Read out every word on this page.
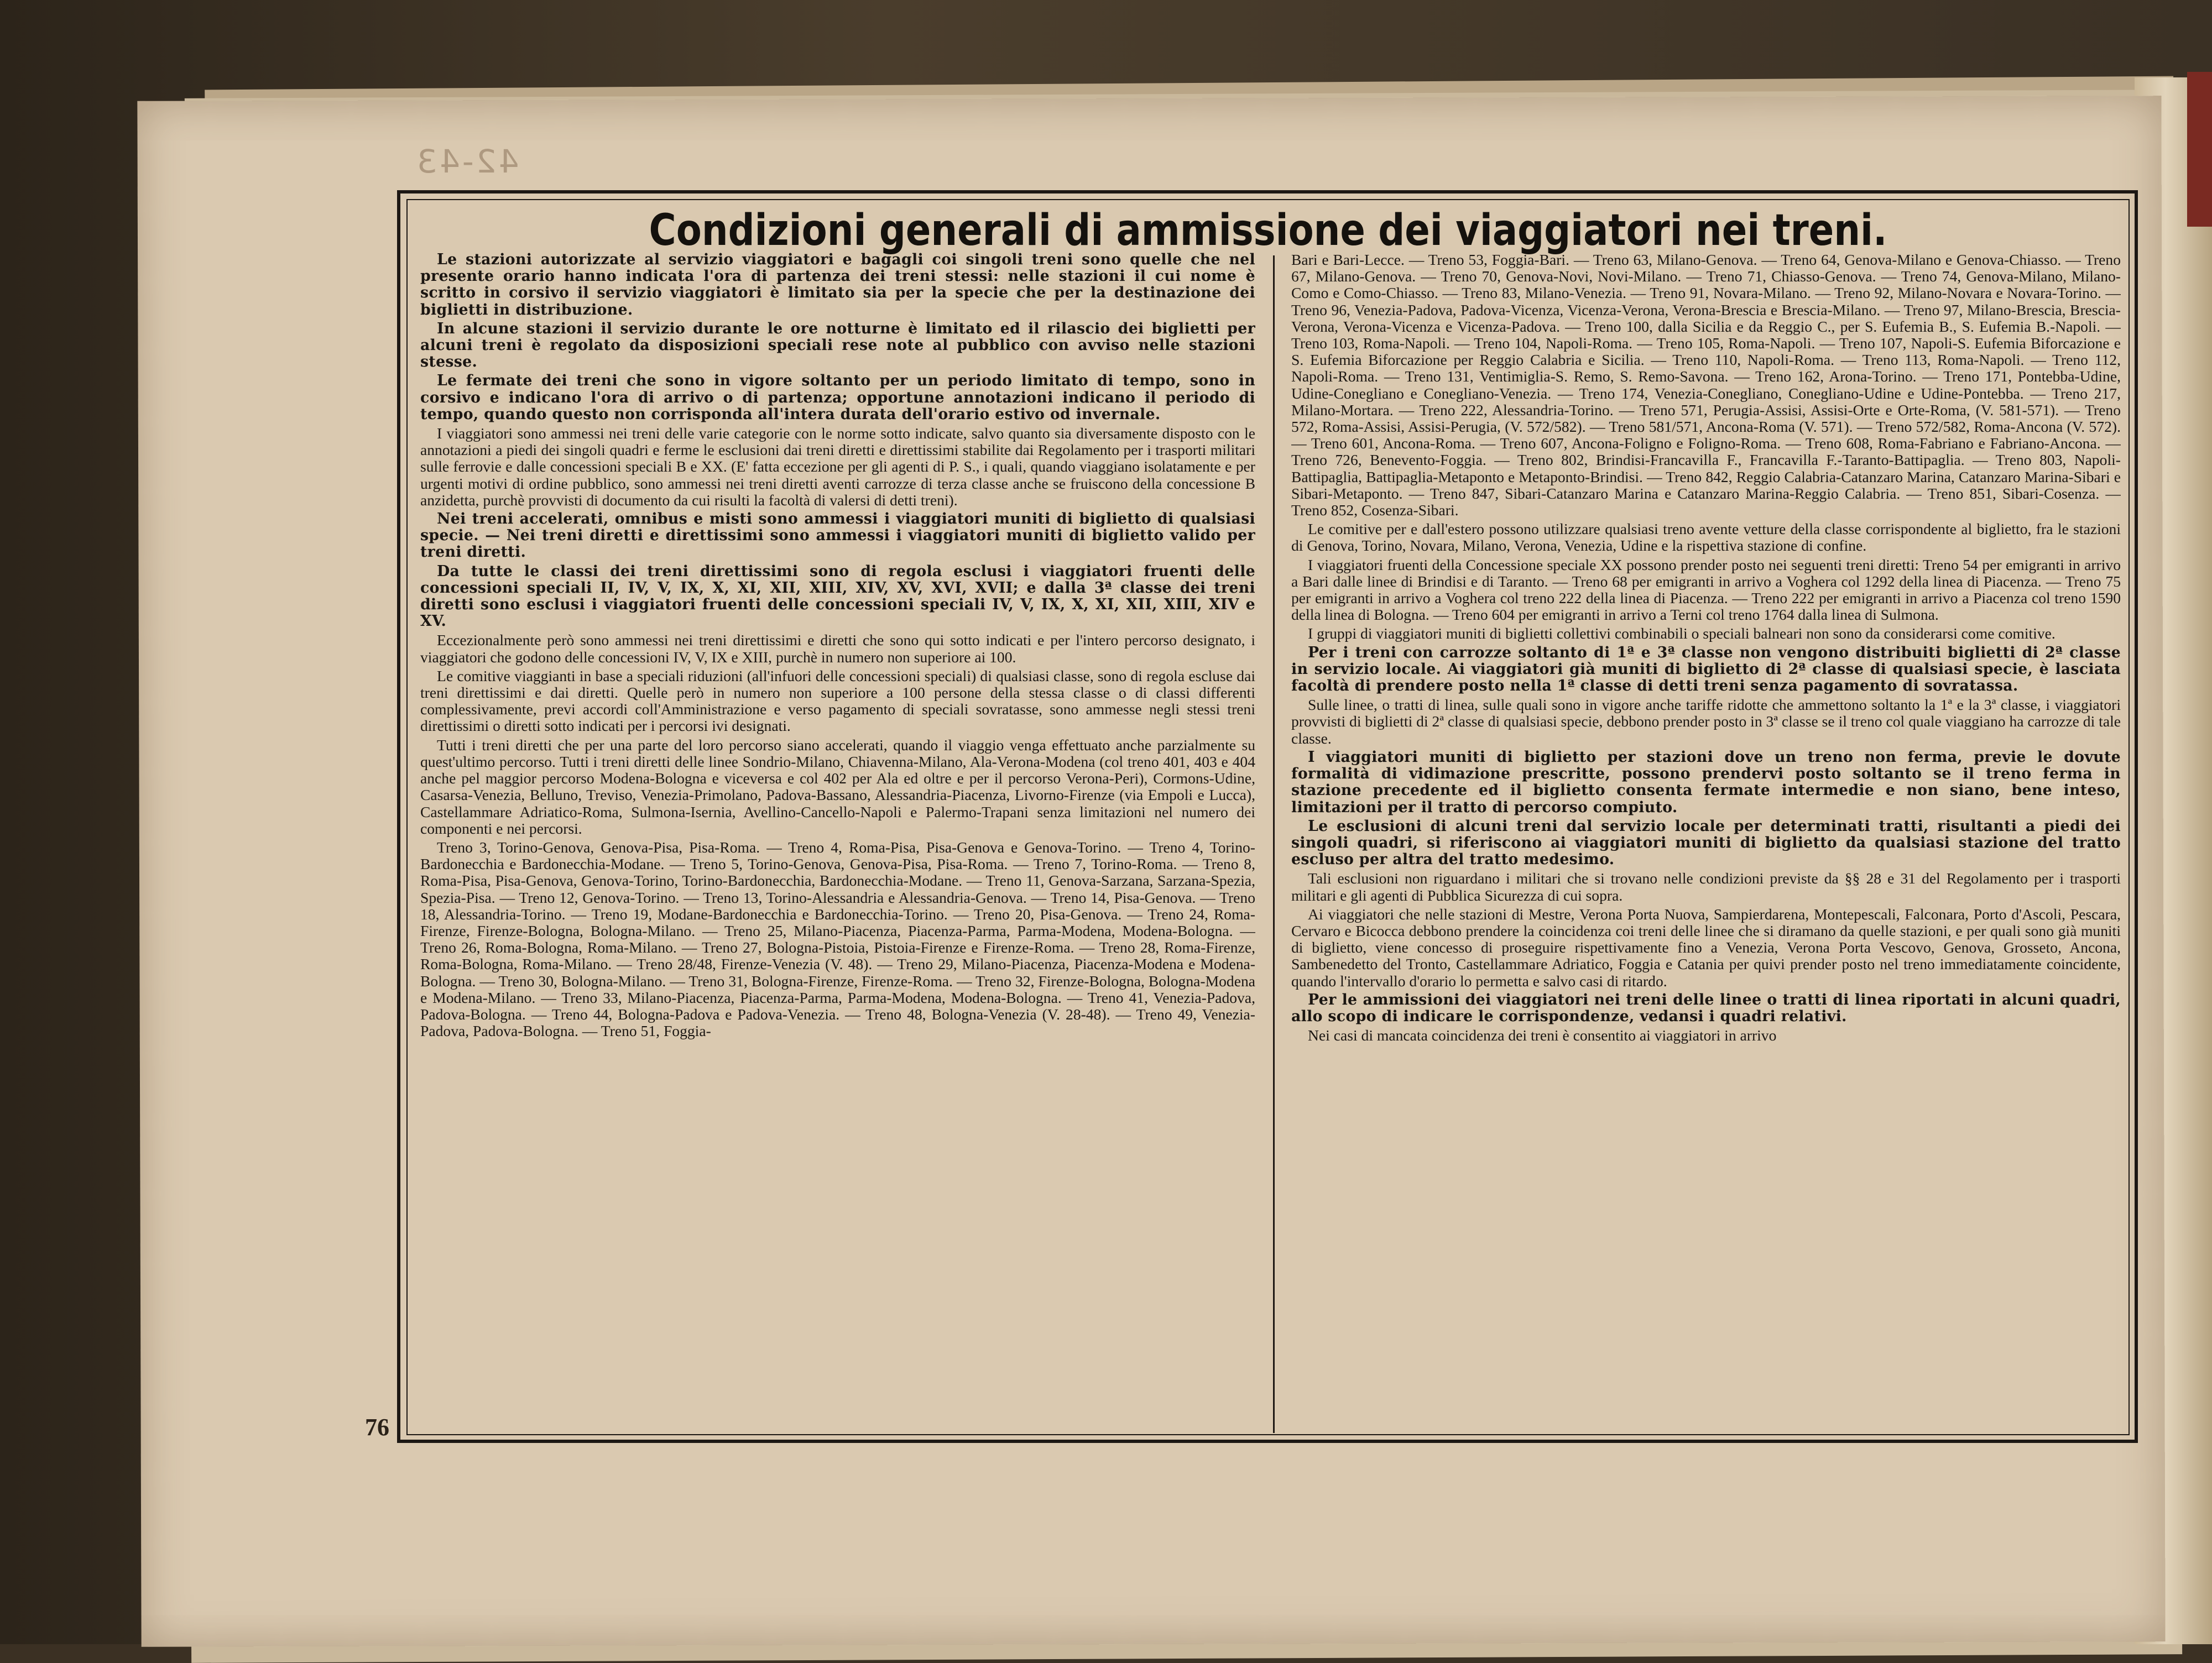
42-43
76
Condizioni generali di ammissione dei viaggiatori nei treni.

Le stazioni autorizzate al servizio viaggiatori e bagagli coi singoli treni sono quelle che nel presente orario hanno indicata l'ora di partenza dei treni stessi: nelle stazioni il cui nome è scritto in corsivo il servizio viaggiatori è limitato sia per la specie che per la destinazione dei biglietti in distribuzione.

In alcune stazioni il servizio durante le ore notturne è limitato ed il rilascio dei biglietti per alcuni treni è regolato da disposizioni speciali rese note al pubblico con avviso nelle stazioni stesse.

Le fermate dei treni che sono in vigore soltanto per un periodo limitato di tempo, sono in corsivo e indicano l'ora di arrivo o di partenza; opportune annotazioni indicano il periodo di tempo, quando questo non corrisponda all'intera durata dell'orario estivo od invernale.

I viaggiatori sono ammessi nei treni delle varie categorie con le norme sotto indicate, salvo quanto sia diversamente disposto con le annotazioni a piedi dei singoli quadri e ferme le esclusioni dai treni diretti e direttissimi stabilite dai Regolamento per i trasporti militari sulle ferrovie e dalle concessioni speciali B e XX. (E' fatta eccezione per gli agenti di P. S., i quali, quando viaggiano isolatamente e per urgenti motivi di ordine pubblico, sono ammessi nei treni diretti aventi carrozze di terza classe anche se fruiscono della concessione B anzidetta, purchè provvisti di documento da cui risulti la facoltà di valersi di detti treni).

Nei treni accelerati, omnibus e misti sono ammessi i viaggiatori muniti di biglietto di qualsiasi specie. — Nei treni diretti e direttissimi sono ammessi i viaggiatori muniti di biglietto valido per treni diretti.

Da tutte le classi dei treni direttissimi sono di regola esclusi i viaggiatori fruenti delle concessioni speciali II, IV, V, IX, X, XI, XII, XIII, XIV, XV, XVI, XVII; e dalla 3ª classe dei treni diretti sono esclusi i viaggiatori fruenti delle concessioni speciali IV, V, IX, X, XI, XII, XIII, XIV e XV.

Eccezionalmente però sono ammessi nei treni direttissimi e diretti che sono qui sotto indicati e per l'intero percorso designato, i viaggiatori che godono delle concessioni IV, V, IX e XIII, purchè in numero non superiore ai 100.

Le comitive viaggianti in base a speciali riduzioni (all'infuori delle concessioni speciali) di qualsiasi classe, sono di regola escluse dai treni direttissimi e dai diretti. Quelle però in numero non superiore a 100 persone della stessa classe o di classi differenti complessivamente, previ accordi coll'Amministrazione e verso pagamento di speciali sovratasse, sono ammesse negli stessi treni direttissimi o diretti sotto indicati per i percorsi ivi designati.

Tutti i treni diretti che per una parte del loro percorso siano accelerati, quando il viaggio venga effettuato anche parzialmente su quest'ultimo percorso. Tutti i treni diretti delle linee Sondrio-Milano, Chiavenna-Milano, Ala-Verona-Modena (col treno 401, 403 e 404 anche pel maggior percorso Modena-Bologna e viceversa e col 402 per Ala ed oltre e per il percorso Verona-Peri), Cormons-Udine, Casarsa-Venezia, Belluno, Treviso, Venezia-Primolano, Padova-Bassano, Alessandria-Piacenza, Livorno-Firenze (via Empoli e Lucca), Castellammare Adriatico-Roma, Sulmona-Isernia, Avellino-Cancello-Napoli e Palermo-Trapani senza limitazioni nel numero dei componenti e nei percorsi.

Treno 3, Torino-Genova, Genova-Pisa, Pisa-Roma. — Treno 4, Roma-Pisa, Pisa-Genova e Genova-Torino. — Treno 4, Torino-Bardonecchia e Bardonecchia-Modane. — Treno 5, Torino-Genova, Genova-Pisa, Pisa-Roma. — Treno 7, Torino-Roma. — Treno 8, Roma-Pisa, Pisa-Genova, Genova-Torino, Torino-Bardonecchia, Bardonecchia-Modane. — Treno 11, Genova-Sarzana, Sarzana-Spezia, Spezia-Pisa. — Treno 12, Genova-Torino. — Treno 13, Torino-Alessandria e Alessandria-Genova. — Treno 14, Pisa-Genova. — Treno 18, Alessandria-Torino. — Treno 19, Modane-Bardonecchia e Bardonecchia-Torino. — Treno 20, Pisa-Genova. — Treno 24, Roma-Firenze, Firenze-Bologna, Bologna-Milano. — Treno 25, Milano-Piacenza, Piacenza-Parma, Parma-Modena, Modena-Bologna. — Treno 26, Roma-Bologna, Roma-Milano. — Treno 27, Bologna-Pistoia, Pistoia-Firenze e Firenze-Roma. — Treno 28, Roma-Firenze, Roma-Bologna, Roma-Milano. — Treno 28/48, Firenze-Venezia (V. 48). — Treno 29, Milano-Piacenza, Piacenza-Modena e Modena-Bologna. — Treno 30, Bologna-Milano. — Treno 31, Bologna-Firenze, Firenze-Roma. — Treno 32, Firenze-Bologna, Bologna-Modena e Modena-Milano. — Treno 33, Milano-Piacenza, Piacenza-Parma, Parma-Modena, Modena-Bologna. — Treno 41, Venezia-Padova, Padova-Bologna. — Treno 44, Bologna-Padova e Padova-Venezia. — Treno 48, Bologna-Venezia (V. 28-48). — Treno 49, Venezia-Padova, Padova-Bologna. — Treno 51, Foggia-

Bari e Bari-Lecce. — Treno 53, Foggia-Bari. — Treno 63, Milano-Genova. — Treno 64, Genova-Milano e Genova-Chiasso. — Treno 67, Milano-Genova. — Treno 70, Genova-Novi, Novi-Milano. — Treno 71, Chiasso-Genova. — Treno 74, Genova-Milano, Milano-Como e Como-Chiasso. — Treno 83, Milano-Venezia. — Treno 91, Novara-Milano. — Treno 92, Milano-Novara e Novara-Torino. — Treno 96, Venezia-Padova, Padova-Vicenza, Vicenza-Verona, Verona-Brescia e Brescia-Milano. — Treno 97, Milano-Brescia, Brescia-Verona, Verona-Vicenza e Vicenza-Padova. — Treno 100, dalla Sicilia e da Reggio C., per S. Eufemia B., S. Eufemia B.-Napoli. — Treno 103, Roma-Napoli. — Treno 104, Napoli-Roma. — Treno 105, Roma-Napoli. — Treno 107, Napoli-S. Eufemia Biforcazione e S. Eufemia Biforcazione per Reggio Calabria e Sicilia. — Treno 110, Napoli-Roma. — Treno 113, Roma-Napoli. — Treno 112, Napoli-Roma. — Treno 131, Ventimiglia-S. Remo, S. Remo-Savona. — Treno 162, Arona-Torino. — Treno 171, Pontebba-Udine, Udine-Conegliano e Conegliano-Venezia. — Treno 174, Venezia-Conegliano, Conegliano-Udine e Udine-Pontebba. — Treno 217, Milano-Mortara. — Treno 222, Alessandria-Torino. — Treno 571, Perugia-Assisi, Assisi-Orte e Orte-Roma, (V. 581-571). — Treno 572, Roma-Assisi, Assisi-Perugia, (V. 572/582). — Treno 581/571, Ancona-Roma (V. 571). — Treno 572/582, Roma-Ancona (V. 572). — Treno 601, Ancona-Roma. — Treno 607, Ancona-Foligno e Foligno-Roma. — Treno 608, Roma-Fabriano e Fabriano-Ancona. — Treno 726, Benevento-Foggia. — Treno 802, Brindisi-Francavilla F., Francavilla F.-Taranto-Battipaglia. — Treno 803, Napoli-Battipaglia, Battipaglia-Metaponto e Metaponto-Brindisi. — Treno 842, Reggio Calabria-Catanzaro Marina, Catanzaro Marina-Sibari e Sibari-Metaponto. — Treno 847, Sibari-Catanzaro Marina e Catanzaro Marina-Reggio Calabria. — Treno 851, Sibari-Cosenza. — Treno 852, Cosenza-Sibari.

Le comitive per e dall'estero possono utilizzare qualsiasi treno avente vetture della classe corrispondente al biglietto, fra le stazioni di Genova, Torino, Novara, Milano, Verona, Venezia, Udine e la rispettiva stazione di confine.

I viaggiatori fruenti della Concessione speciale XX possono prender posto nei seguenti treni diretti: Treno 54 per emigranti in arrivo a Bari dalle linee di Brindisi e di Taranto. — Treno 68 per emigranti in arrivo a Voghera col 1292 della linea di Piacenza. — Treno 75 per emigranti in arrivo a Voghera col treno 222 della linea di Piacenza. — Treno 222 per emigranti in arrivo a Piacenza col treno 1590 della linea di Bologna. — Treno 604 per emigranti in arrivo a Terni col treno 1764 dalla linea di Sulmona.

I gruppi di viaggiatori muniti di biglietti collettivi combinabili o speciali balneari non sono da considerarsi come comitive.

Per i treni con carrozze soltanto di 1ª e 3ª classe non vengono distribuiti biglietti di 2ª classe in servizio locale. Ai viaggiatori già muniti di biglietto di 2ª classe di qualsiasi specie, è lasciata facoltà di prendere posto nella 1ª classe di detti treni senza pagamento di sovratassa.

Sulle linee, o tratti di linea, sulle quali sono in vigore anche tariffe ridotte che ammettono soltanto la 1ª e la 3ª classe, i viaggiatori provvisti di biglietti di 2ª classe di qualsiasi specie, debbono prender posto in 3ª classe se il treno col quale viaggiano ha carrozze di tale classe.

I viaggiatori muniti di biglietto per stazioni dove un treno non ferma, previe le dovute formalità di vidimazione prescritte, possono prendervi posto soltanto se il treno ferma in stazione precedente ed il biglietto consenta fermate intermedie e non siano, bene inteso, limitazioni per il tratto di percorso compiuto.

Le esclusioni di alcuni treni dal servizio locale per determinati tratti, risultanti a piedi dei singoli quadri, si riferiscono ai viaggiatori muniti di biglietto da qualsiasi stazione del tratto escluso per altra del tratto medesimo.

Tali esclusioni non riguardano i militari che si trovano nelle condizioni previste da §§ 28 e 31 del Regolamento per i trasporti militari e gli agenti di Pubblica Sicurezza di cui sopra.

Ai viaggiatori che nelle stazioni di Mestre, Verona Porta Nuova, Sampierdarena, Montepescali, Falconara, Porto d'Ascoli, Pescara, Cervaro e Bicocca debbono prendere la coincidenza coi treni delle linee che si diramano da quelle stazioni, e per quali sono già muniti di biglietto, viene concesso di proseguire rispettivamente fino a Venezia, Verona Porta Vescovo, Genova, Grosseto, Ancona, Sambenedetto del Tronto, Castellammare Adriatico, Foggia e Catania per quivi prender posto nel treno immediatamente coincidente, quando l'intervallo d'orario lo permetta e salvo casi di ritardo.

Per le ammissioni dei viaggiatori nei treni delle linee o tratti di linea riportati in alcuni quadri, allo scopo di indicare le corrispondenze, vedansi i quadri relativi.

Nei casi di mancata coincidenza dei treni è consentito ai viaggiatori in arrivo
